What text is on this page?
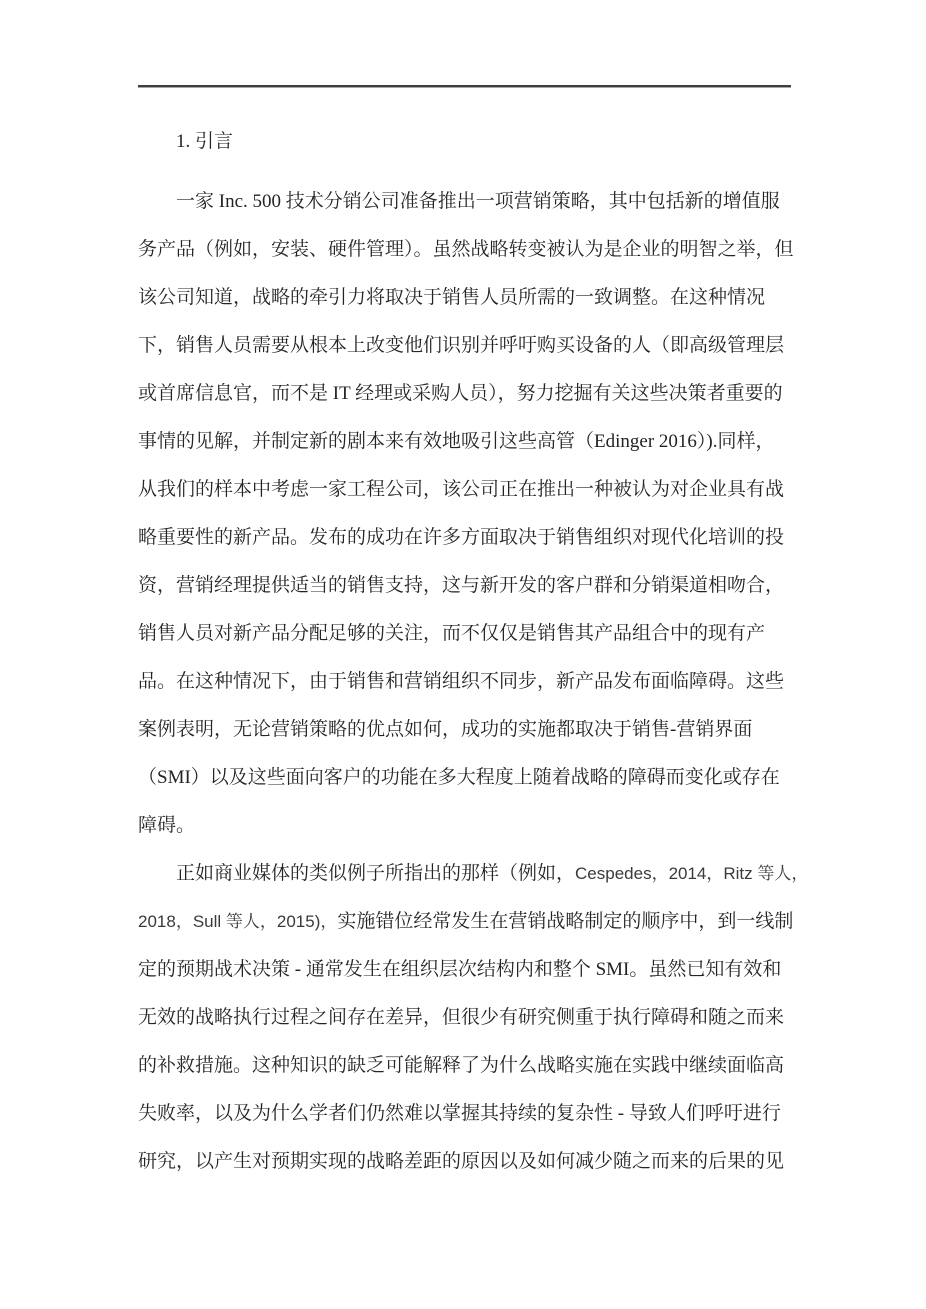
1. 引言
一家 Inc. 500 技术分销公司准备推出一项营销策略，其中包括新的增值服
务产品（例如，安装、硬件管理）。虽然战略转变被认为是企业的明智之举，但
该公司知道，战略的牵引力将取决于销售人员所需的一致调整。在这种情况
下，销售人员需要从根本上改变他们识别并呼吁购买设备的人（即高级管理层
或首席信息官，而不是 IT 经理或采购人员），努力挖掘有关这些决策者重要的
事情的见解，并制定新的剧本来有效地吸引这些高管（Edinger 2016）).同样，
从我们的样本中考虑一家工程公司，该公司正在推出一种被认为对企业具有战
略重要性的新产品。发布的成功在许多方面取决于销售组织对现代化培训的投
资，营销经理提供适当的销售支持，这与新开发的客户群和分销渠道相吻合，
销售人员对新产品分配足够的关注，而不仅仅是销售其产品组合中的现有产
品。在这种情况下，由于销售和营销组织不同步，新产品发布面临障碍。这些
案例表明，无论营销策略的优点如何，成功的实施都取决于销售-营销界面
（SMI）以及这些面向客户的功能在多大程度上随着战略的障碍而变化或存在
障碍。
正如商业媒体的类似例子所指出的那样（例如，Cespedes，2014，Ritz 等人，
2018，Sull 等人，2015)，实施错位经常发生在营销战略制定的顺序中，到一线制
定的预期战术决策 - 通常发生在组织层次结构内和整个 SMI。虽然已知有效和
无效的战略执行过程之间存在差异，但很少有研究侧重于执行障碍和随之而来
的补救措施。这种知识的缺乏可能解释了为什么战略实施在实践中继续面临高
失败率，以及为什么学者们仍然难以掌握其持续的复杂性 - 导致人们呼吁进行
研究，以产生对预期实现的战略差距的原因以及如何减少随之而来的后果的见
